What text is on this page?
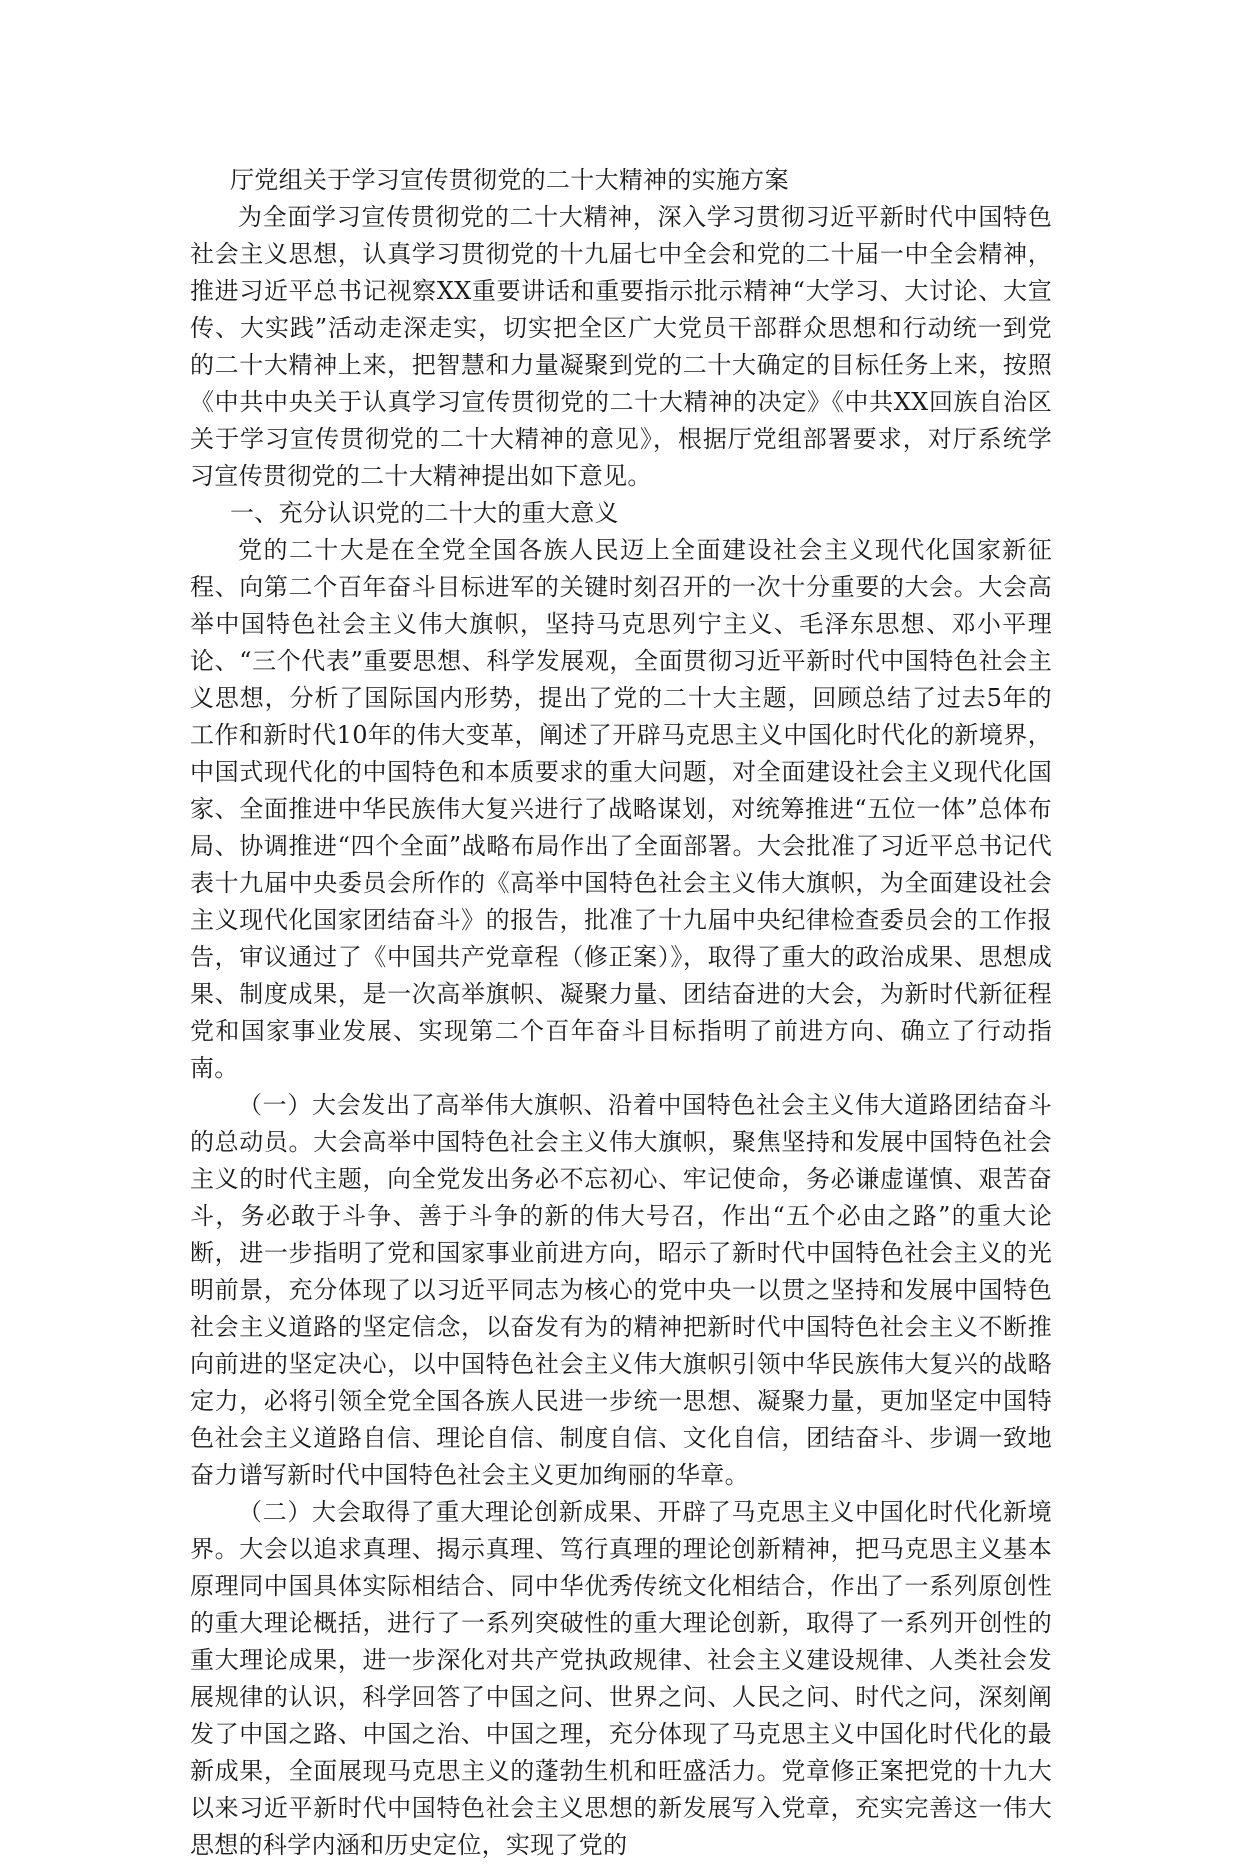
厅党组关于学习宣传贯彻党的二十大精神的实施方案

为全面学习宣传贯彻党的二十大精神，深入学习贯彻习近平新时代中国特色社会主义思想，认真学习贯彻党的十九届七中全会和党的二十届一中全会精神，推进习近平总书记视察XX重要讲话和重要指示批示精神“大学习、大讨论、大宣传、大实践”活动走深走实，切实把全区广大党员干部群众思想和行动统一到党的二十大精神上来，把智慧和力量凝聚到党的二十大确定的目标任务上来，按照《中共中央关于认真学习宣传贯彻党的二十大精神的决定》《中共XX回族自治区关于学习宣传贯彻党的二十大精神的意见》，根据厅党组部署要求，对厅系统学习宣传贯彻党的二十大精神提出如下意见。

一、充分认识党的二十大的重大意义

党的二十大是在全党全国各族人民迈上全面建设社会主义现代化国家新征程、向第二个百年奋斗目标进军的关键时刻召开的一次十分重要的大会。大会高举中国特色社会主义伟大旗帜，坚持马克思列宁主义、毛泽东思想、邓小平理论、“三个代表”重要思想、科学发展观，全面贯彻习近平新时代中国特色社会主义思想，分析了国际国内形势，提出了党的二十大主题，回顾总结了过去5年的工作和新时代10年的伟大变革，阐述了开辟马克思主义中国化时代化的新境界，中国式现代化的中国特色和本质要求的重大问题，对全面建设社会主义现代化国家、全面推进中华民族伟大复兴进行了战略谋划，对统筹推进“五位一体”总体布局、协调推进“四个全面”战略布局作出了全面部署。大会批准了习近平总书记代表十九届中央委员会所作的《高举中国特色社会主义伟大旗帜，为全面建设社会主义现代化国家团结奋斗》的报告，批准了十九届中央纪律检查委员会的工作报告，审议通过了《中国共产党章程（修正案）》，取得了重大的政治成果、思想成果、制度成果，是一次高举旗帜、凝聚力量、团结奋进的大会，为新时代新征程党和国家事业发展、实现第二个百年奋斗目标指明了前进方向、确立了行动指南。

（一）大会发出了高举伟大旗帜、沿着中国特色社会主义伟大道路团结奋斗的总动员。大会高举中国特色社会主义伟大旗帜，聚焦坚持和发展中国特色社会主义的时代主题，向全党发出务必不忘初心、牢记使命，务必谦虚谨慎、艰苦奋斗，务必敢于斗争、善于斗争的新的伟大号召，作出“五个必由之路”的重大论断，进一步指明了党和国家事业前进方向，昭示了新时代中国特色社会主义的光明前景，充分体现了以习近平同志为核心的党中央一以贯之坚持和发展中国特色社会主义道路的坚定信念，以奋发有为的精神把新时代中国特色社会主义不断推向前进的坚定决心，以中国特色社会主义伟大旗帜引领中华民族伟大复兴的战略定力，必将引领全党全国各族人民进一步统一思想、凝聚力量，更加坚定中国特色社会主义道路自信、理论自信、制度自信、文化自信，团结奋斗、步调一致地奋力谱写新时代中国特色社会主义更加绚丽的华章。

（二）大会取得了重大理论创新成果、开辟了马克思主义中国化时代化新境界。大会以追求真理、揭示真理、笃行真理的理论创新精神，把马克思主义基本原理同中国具体实际相结合、同中华优秀传统文化相结合，作出了一系列原创性的重大理论概括，进行了一系列突破性的重大理论创新，取得了一系列开创性的重大理论成果，进一步深化对共产党执政规律、社会主义建设规律、人类社会发展规律的认识，科学回答了中国之问、世界之问、人民之问、时代之问，深刻阐发了中国之路、中国之治、中国之理，充分体现了马克思主义中国化时代化的最新成果，全面展现马克思主义的蓬勃生机和旺盛活力。党章修正案把党的十九大以来习近平新时代中国特色社会主义思想的新发展写入党章，充实完善这一伟大思想的科学内涵和历史定位，实现了党的
